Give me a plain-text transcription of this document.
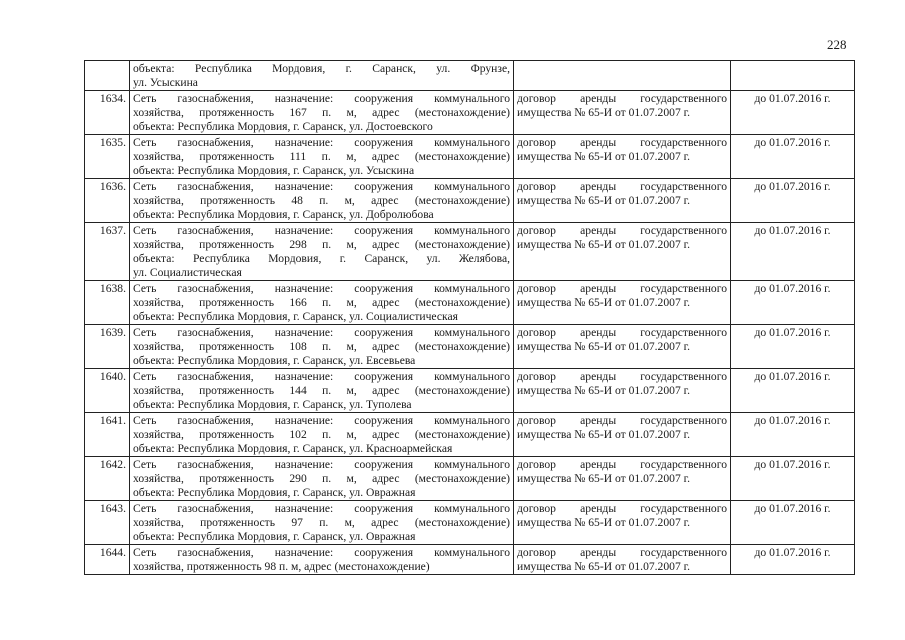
228

	объекта: Республика Мордовия, г. Саранск, ул. Фрунзе,
ул. Усыскина		

1634.	Сеть газоснабжения, назначение: сооружения коммунального
хозяйства, протяженность 167 п. м, адрес (местонахождение)
объекта: Республика Мордовия, г. Саранск, ул. Достоевского	договор аренды государственного
имущества № 65-И от 01.07.2007 г.	до 01.07.2016 г.
1635.	Сеть газоснабжения, назначение: сооружения коммунального
хозяйства, протяженность 111 п. м, адрес (местонахождение)
объекта: Республика Мордовия, г. Саранск, ул. Усыскина	договор аренды государственного
имущества № 65-И от 01.07.2007 г.	до 01.07.2016 г.
1636.	Сеть газоснабжения, назначение: сооружения коммунального
хозяйства, протяженность 48 п. м, адрес (местонахождение)
объекта: Республика Мордовия, г. Саранск, ул. Добролюбова	договор аренды государственного
имущества № 65-И от 01.07.2007 г.	до 01.07.2016 г.
1637.	Сеть газоснабжения, назначение: сооружения коммунального
хозяйства, протяженность 298 п. м, адрес (местонахождение)
объекта: Республика Мордовия, г. Саранск, ул. Желябова,
ул. Социалистическая	договор аренды государственного
имущества № 65-И от 01.07.2007 г.	до 01.07.2016 г.
1638.	Сеть газоснабжения, назначение: сооружения коммунального
хозяйства, протяженность 166 п. м, адрес (местонахождение)
объекта: Республика Мордовия, г. Саранск, ул. Социалистическая	договор аренды государственного
имущества № 65-И от 01.07.2007 г.	до 01.07.2016 г.
1639.	Сеть газоснабжения, назначение: сооружения коммунального
хозяйства, протяженность 108 п. м, адрес (местонахождение)
объекта: Республика Мордовия, г. Саранск, ул. Евсевьева	договор аренды государственного
имущества № 65-И от 01.07.2007 г.	до 01.07.2016 г.
1640.	Сеть газоснабжения, назначение: сооружения коммунального
хозяйства, протяженность 144 п. м, адрес (местонахождение)
объекта: Республика Мордовия, г. Саранск, ул. Туполева	договор аренды государственного
имущества № 65-И от 01.07.2007 г.	до 01.07.2016 г.
1641.	Сеть газоснабжения, назначение: сооружения коммунального
хозяйства, протяженность 102 п. м, адрес (местонахождение)
объекта: Республика Мордовия, г. Саранск, ул. Красноармейская	договор аренды государственного
имущества № 65-И от 01.07.2007 г.	до 01.07.2016 г.
1642.	Сеть газоснабжения, назначение: сооружения коммунального
хозяйства, протяженность 290 п. м, адрес (местонахождение)
объекта: Республика Мордовия, г. Саранск, ул. Овражная	договор аренды государственного
имущества № 65-И от 01.07.2007 г.	до 01.07.2016 г.
1643.	Сеть газоснабжения, назначение: сооружения коммунального
хозяйства, протяженность 97 п. м, адрес (местонахождение)
объекта: Республика Мордовия, г. Саранск, ул. Овражная	договор аренды государственного
имущества № 65-И от 01.07.2007 г.	до 01.07.2016 г.
1644.	Сеть газоснабжения, назначение: сооружения коммунального
хозяйства, протяженность 98 п. м, адрес (местонахождение)	договор аренды государственного
имущества № 65-И от 01.07.2007 г.	до 01.07.2016 г.
